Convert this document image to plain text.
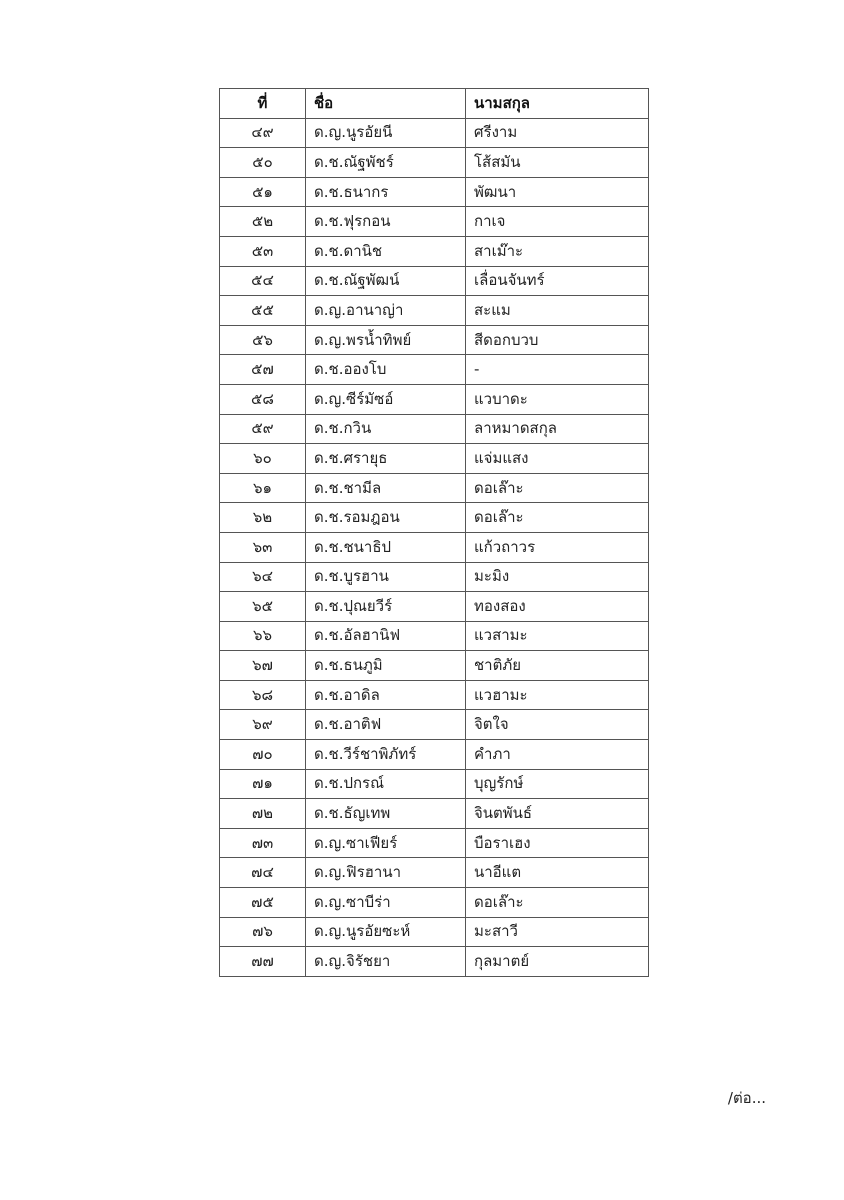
ที่	ชื่อ	นามสกุล
๔๙	ด.ญ.นูรอัยนี	ศรีงาม
๕๐	ด.ช.ณัฐพัชร์	โส้สมัน
๕๑	ด.ช.ธนากร	พัฒนา
๕๒	ด.ช.ฟุรกอน	กาเจ
๕๓	ด.ช.ดานิช	สาเม๊าะ
๕๔	ด.ช.ณัฐพัฒน์	เลื่อนจันทร์
๕๕	ด.ญ.อานาญ่า	สะแม
๕๖	ด.ญ.พรน้ำทิพย์	สีดอกบวบ
๕๗	ด.ช.อองโบ	-
๕๘	ด.ญ.ซีร์มัซอ์	แวบาดะ
๕๙	ด.ช.กวิน	ลาหมาดสกุล
๖๐	ด.ช.ศรายุธ	แจ่มแสง
๖๑	ด.ช.ชามีล	ดอเล๊าะ
๖๒	ด.ช.รอมฎอน	ดอเล๊าะ
๖๓	ด.ช.ชนาธิป	แก้วถาวร
๖๔	ด.ช.บูรฮาน	มะมิง
๖๕	ด.ช.ปุณยวีร์	ทองสอง
๖๖	ด.ช.อัลฮานิฟ	แวสามะ
๖๗	ด.ช.ธนภูมิ	ชาติภัย
๖๘	ด.ช.อาดิล	แวฮามะ
๖๙	ด.ช.อาติฟ	จิตใจ
๗๐	ด.ช.วีร์ชาพิภัทร์	คำภา
๗๑	ด.ช.ปกรณ์	บุญรักษ์
๗๒	ด.ช.ธัญเทพ	จินตพันธ์
๗๓	ด.ญ.ซาเฟียร์	บือราเฮง
๗๔	ด.ญ.ฟิรฮานา	นาอีแต
๗๕	ด.ญ.ซาบีร่า	ดอเล๊าะ
๗๖	ด.ญ.นูรอัยซะห์	มะสาวี
๗๗	ด.ญ.จิรัชยา	กุลมาตย์
/ต่อ...
